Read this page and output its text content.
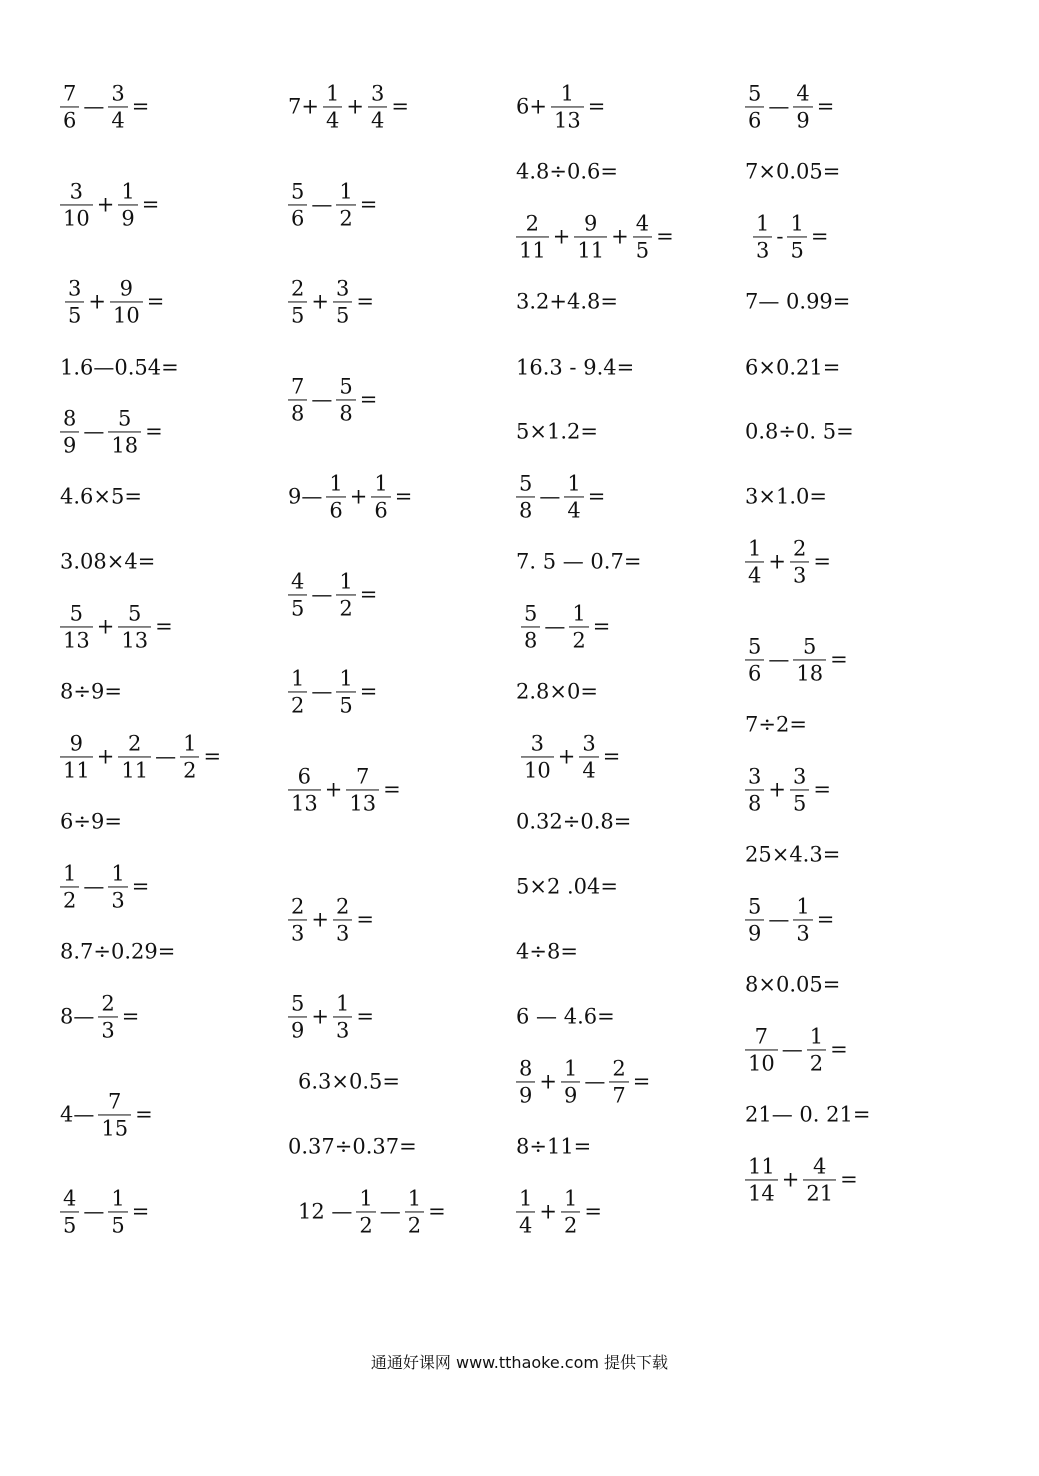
$\frac{7}{6}$ — $\frac{3}{4}$ =
$\frac{3}{10} + \frac{1}{9}$ =
$\frac{3}{5} + \frac{9}{10}$ =
1.6—0.54=
$\frac{8}{9}$ — $\frac{5}{18}$ =
4.6×5=
3.08×4=
$\frac{5}{13} + \frac{5}{13}$ =
8÷9=
$\frac{9}{11} + \frac{2}{11}$ — $\frac{1}{2}$ =
6÷9=
$\frac{1}{2}$ — $\frac{1}{3}$ =
8.7÷0.29=
8— $\frac{2}{3}$ =
4— $\frac{7}{15}$ =
$\frac{4}{5}$ — $\frac{1}{5}$ =
$7+ \frac{1}{4} + \frac{3}{4}$ =
$\frac{5}{6}$ — $\frac{1}{2}$ =
$\frac{2}{5} + \frac{3}{5}$ =
$\frac{7}{8}$ — $\frac{5}{8}$ =
9— $\frac{1}{6} + \frac{1}{6}$ =
$\frac{4}{5}$ — $\frac{1}{2}$ =
$\frac{1}{2}$ — $\frac{1}{5}$ =
$\frac{6}{13} + \frac{7}{13}$ =
$\frac{2}{3} + \frac{2}{3}$ =
$\frac{5}{9} + \frac{1}{3}$ =
6.3×0.5=
0.37÷0.37=
12 — $\frac{1}{2}$ — $\frac{1}{2}$ =
$6+ \frac{1}{13}$ =
4.8÷0.6=
$\frac{2}{11} + \frac{9}{11} + \frac{4}{5}$ =
3.2+4.8=
16.3 - 9.4=
5×1.2=
$\frac{5}{8}$ — $\frac{1}{4}$ =
7. 5 — 0.7=
$\frac{5}{8}$ — $\frac{1}{2}$ =
2.8×0=
$\frac{3}{10} + \frac{3}{4}$ =
0.32÷0.8=
5×2 .04=
4÷8=
6 — 4.6=
$\frac{8}{9} + \frac{1}{9}$ — $\frac{2}{7}$ =
8÷11=
$\frac{1}{4} + \frac{1}{2}$ =
$\frac{5}{6}$ — $\frac{4}{9}$ =
7×0.05=
$\frac{1}{3} - \frac{1}{5}$ =
7— 0.99=
6×0.21=
0.8÷0. 5=
3×1.0=
$\frac{1}{4} + \frac{2}{3}$ =
$\frac{5}{6}$ — $\frac{5}{18}$ =
7÷2=
$\frac{3}{8} + \frac{3}{5}$ =
25×4.3=
$\frac{5}{9}$ — $\frac{1}{3}$ =
8×0.05=
$\frac{7}{10}$ — $\frac{1}{2}$ =
21— 0. 21=
$\frac{11}{14} + \frac{4}{21}$ =
通通好课网 www.tthaoke.com 提供下载
